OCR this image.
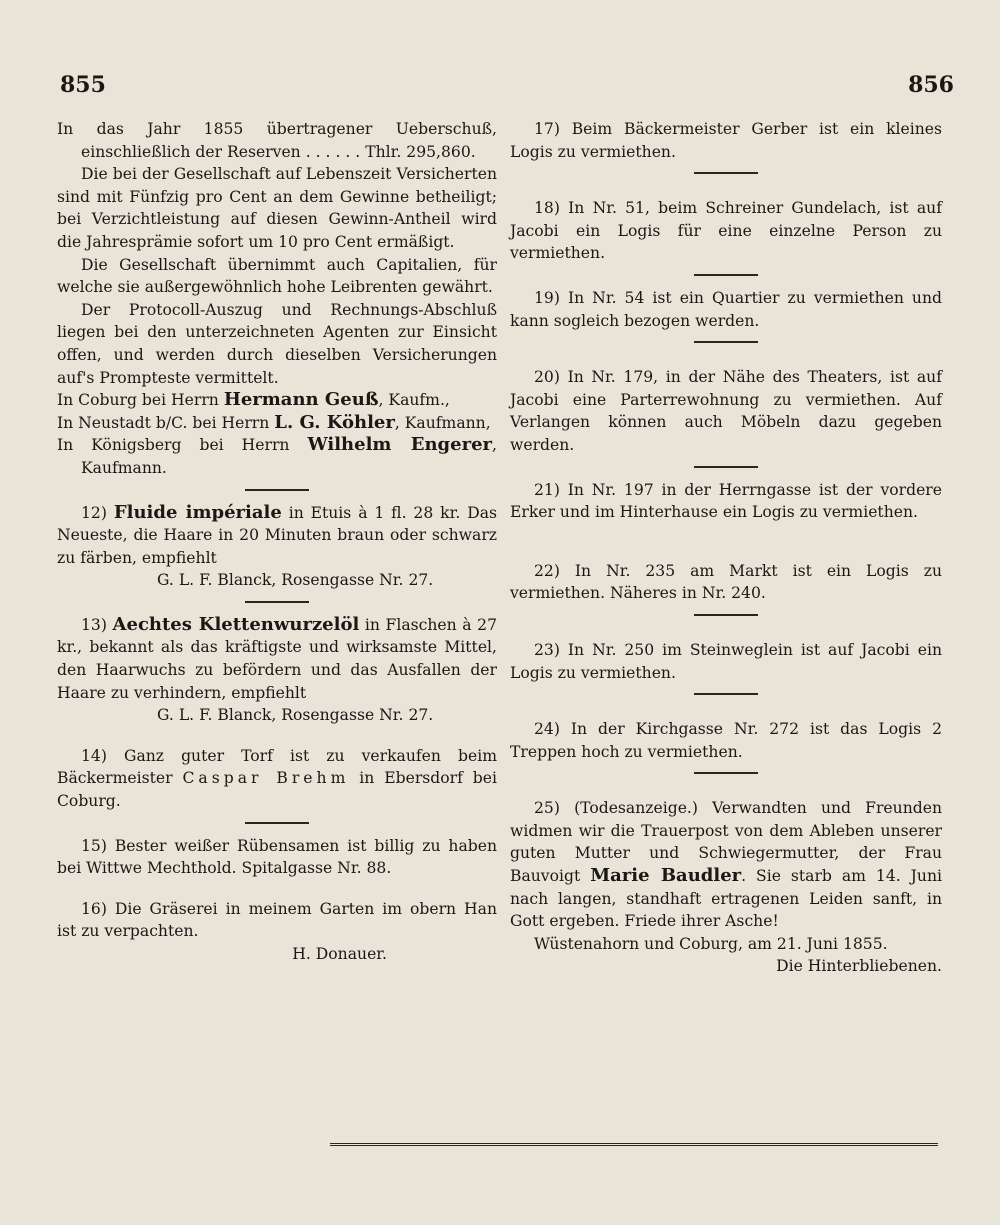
855	856

In das Jahr 1855 übertragener Ueberschuß, einschließlich der Reserven . . . . . . Thlr. 295,860.

Die bei der Gesellschaft auf Lebenszeit Versicherten sind mit Fünfzig pro Cent an dem Gewinne betheiligt; bei Verzichtleistung auf diesen Gewinn-Antheil wird die Jahresprämie sofort um 10 pro Cent ermäßigt.

Die Gesellschaft übernimmt auch Capitalien, für welche sie außergewöhnlich hohe Leibrenten gewährt.

Der Protocoll-Auszug und Rechnungs-Abschluß liegen bei den unterzeichneten Agenten zur Einsicht offen, und werden durch dieselben Versicherungen auf's Prompteste vermittelt.

In Coburg bei Herrn Hermann Geuß, Kaufm.,

In Neustadt b/C. bei Herrn L. G. Köhler, Kaufmann,

In Königsberg bei Herrn Wilhelm Engerer, Kaufmann.

12) Fluide impériale in Etuis à 1 fl. 28 kr. Das Neueste, die Haare in 20 Minuten braun oder schwarz zu färben, empfiehlt

G. L. F. Blanck, Rosengasse Nr. 27.

13) Aechtes Klettenwurzelöl in Flaschen à 27 kr., bekannt als das kräftigste und wirksamste Mittel, den Haarwuchs zu befördern und das Ausfallen der Haare zu verhindern, empfiehlt

G. L. F. Blanck, Rosengasse Nr. 27.

14) Ganz guter Torf ist zu verkaufen beim Bäckermeister Caspar Brehm in Ebersdorf bei Coburg.

15) Bester weißer Rübensamen ist billig zu haben bei Wittwe Mechthold. Spitalgasse Nr. 88.

16) Die Gräserei in meinem Garten im obern Han ist zu verpachten.

H. Donauer.

17) Beim Bäckermeister Gerber ist ein kleines Logis zu vermiethen.

18) In Nr. 51, beim Schreiner Gundelach, ist auf Jacobi ein Logis für eine einzelne Person zu vermiethen.

19) In Nr. 54 ist ein Quartier zu vermiethen und kann sogleich bezogen werden.

20) In Nr. 179, in der Nähe des Theaters, ist auf Jacobi eine Parterrewohnung zu vermiethen. Auf Verlangen können auch Möbeln dazu gegeben werden.

21) In Nr. 197 in der Herrngasse ist der vordere Erker und im Hinterhause ein Logis zu vermiethen.

22) In Nr. 235 am Markt ist ein Logis zu vermiethen. Näheres in Nr. 240.

23) In Nr. 250 im Steinweglein ist auf Jacobi ein Logis zu vermiethen.

24) In der Kirchgasse Nr. 272 ist das Logis 2 Treppen hoch zu vermiethen.

25) (Todesanzeige.) Verwandten und Freunden widmen wir die Trauerpost von dem Ableben unserer guten Mutter und Schwiegermutter, der Frau Bauvoigt Marie Baudler. Sie starb am 14. Juni nach langen, standhaft ertragenen Leiden sanft, in Gott ergeben. Friede ihrer Asche!

Wüstenahorn und Coburg, am 21. Juni 1855.

Die Hinterbliebenen.
